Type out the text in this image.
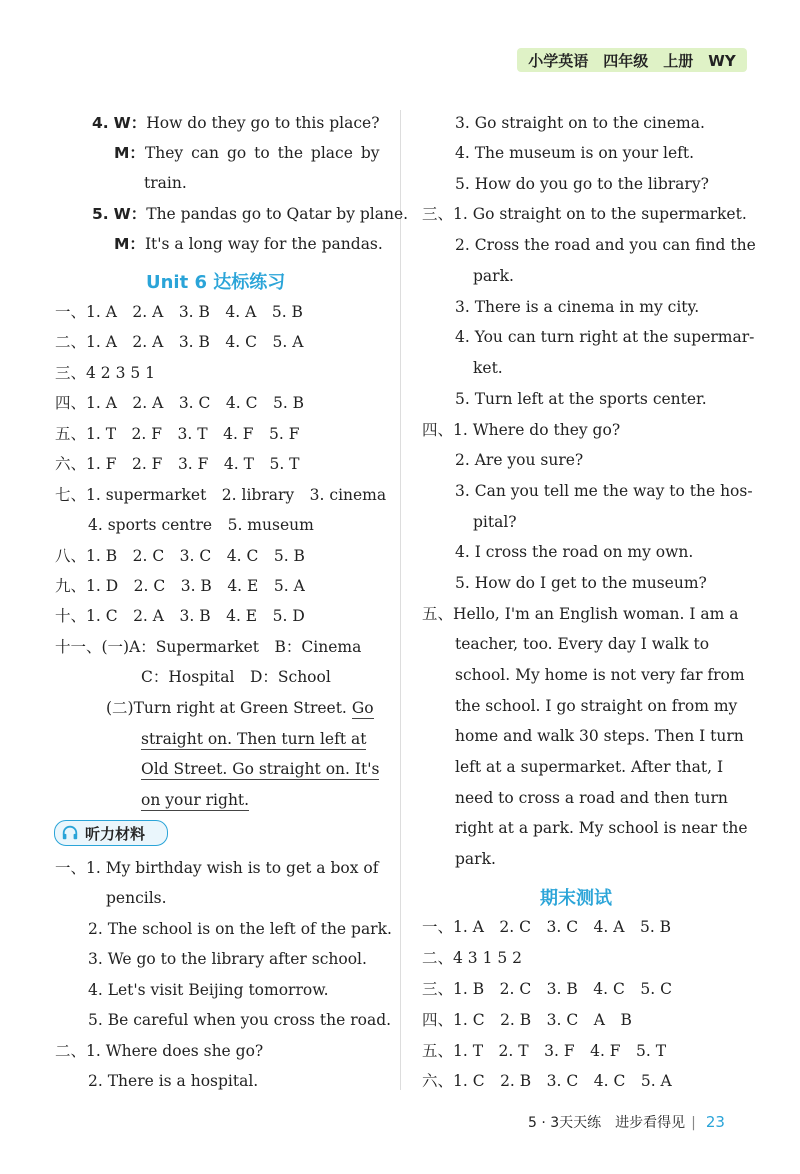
小学英语　四年级　上册　WY
4. W：How do they go to this place?
M：They can go to the place by
train.
5. W：The pandas go to Qatar by plane.
M：It's a long way for the pandas.
Unit 6 达标练习
一、1. A　2. A　3. B　4. A　5. B
二、1. A　2. A　3. B　4. C　5. A
三、4 2 3 5 1
四、1. A　2. A　3. C　4. C　5. B
五、1. T　2. F　3. T　4. F　5. F
六、1. F　2. F　3. F　4. T　5. T
七、1. supermarket　2. library　3. cinema
4. sports centre　5. museum
八、1. B　2. C　3. C　4. C　5. B
九、1. D　2. C　3. B　4. E　5. A
十、1. C　2. A　3. B　4. E　5. D
十一、(一)A：Supermarket　B：Cinema
C：Hospital　D：School
(二)Turn right at Green Street. Go
straight on. Then turn left at
Old Street. Go straight on. It's
on your right.
听力材料
一、1. My birthday wish is to get a box of
pencils.
2. The school is on the left of the park.
3. We go to the library after school.
4. Let's visit Beijing tomorrow.
5. Be careful when you cross the road.
二、1. Where does she go?
2. There is a hospital.
3. Go straight on to the cinema.
4. The museum is on your left.
5. How do you go to the library?
三、1. Go straight on to the supermarket.
2. Cross the road and you can find the
park.
3. There is a cinema in my city.
4. You can turn right at the supermar-
ket.
5. Turn left at the sports center.
四、1. Where do they go?
2. Are you sure?
3. Can you tell me the way to the hos-
pital?
4. I cross the road on my own.
5. How do I get to the museum?
五、Hello, I'm an English woman. I am a
teacher, too. Every day I walk to
school. My home is not very far from
the school. I go straight on from my
home and walk 30 steps. Then I turn
left at a supermarket. After that, I
need to cross a road and then turn
right at a park. My school is near the
park.
期末测试
一、1. A　2. C　3. C　4. A　5. B
二、4 3 1 5 2
三、1. B　2. C　3. B　4. C　5. C
四、1. C　2. B　3. C　A　B
五、1. T　2. T　3. F　4. F　5. T
六、1. C　2. B　3. C　4. C　5. A
5 · 3天天练　进步看得见 | 23
